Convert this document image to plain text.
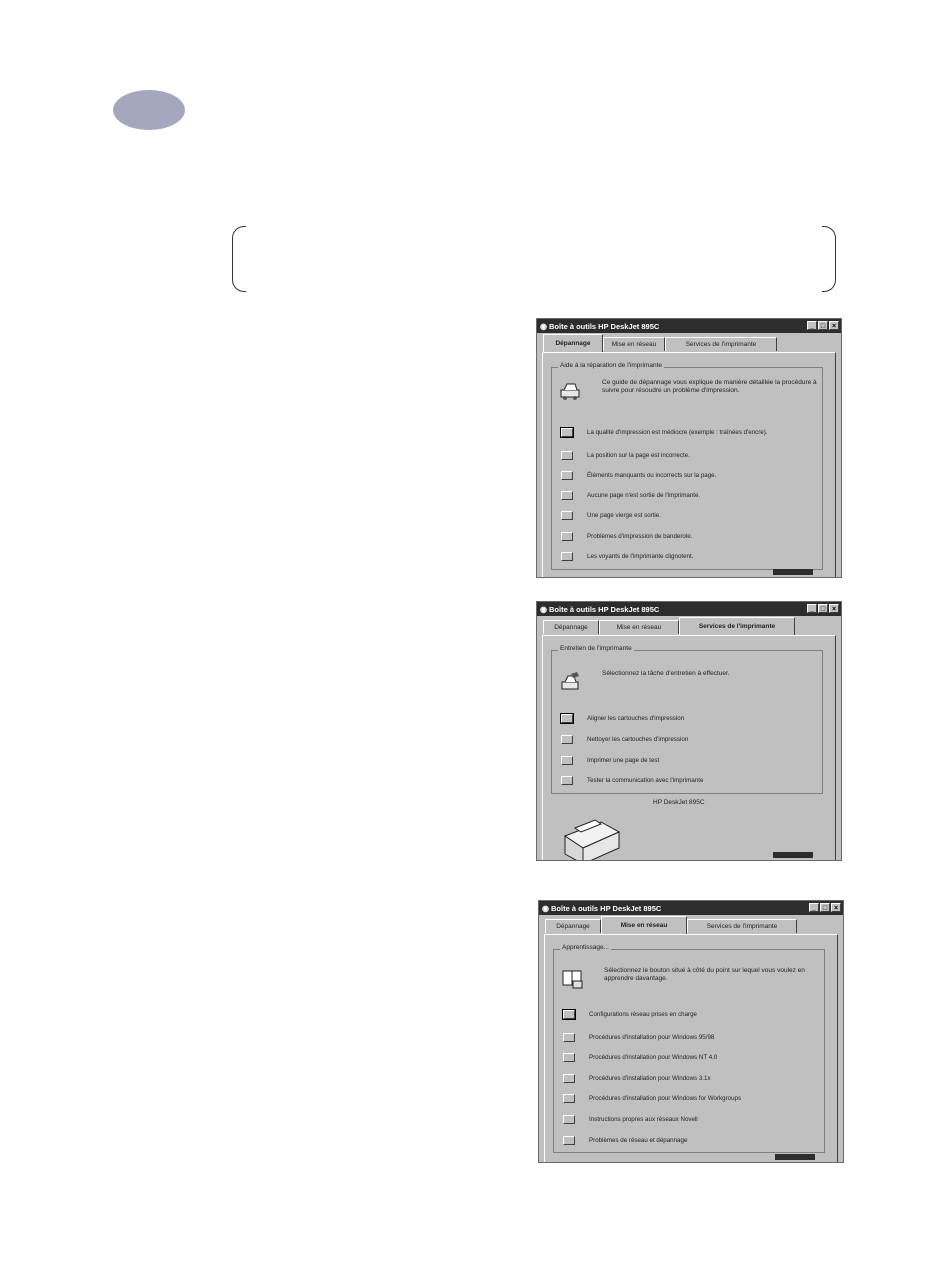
◉ Boîte à outils HP DeskJet 895C	_ □ ×
Dépannage	Mise en réseau	Services de l'imprimante
Aide à la réparation de l'imprimante
Ce guide de dépannage vous explique de manière détaillée la procédure à suivre pour résoudre un problème d'impression.
La qualité d'impression est médiocre (exemple : traînées d'encre).
La position sur la page est incorrecte.
Éléments manquants ou incorrects sur la page.
Aucune page n'est sortie de l'imprimante.
Une page vierge est sortie.
Problèmes d'impression de banderole.
Les voyants de l'imprimante clignotent.
◉ Boîte à outils HP DeskJet 895C	_ □ ×
Dépannage	Mise en réseau	Services de l'imprimante
Entretien de l'imprimante
Sélectionnez la tâche d'entretien à effectuer.
Aligner les cartouches d'impression
Nettoyer les cartouches d'impression
Imprimer une page de test
Tester la communication avec l'imprimante
HP DeskJet 895C
◉ Boîte à outils HP DeskJet 895C	_ □ ×
Dépannage	Mise en réseau	Services de l'imprimante
Apprentissage...
Sélectionnez le bouton situé à côté du point sur lequel vous voulez en apprendre davantage.
Configurations réseau prises en charge
Procédures d'installation pour Windows 95/98
Procédures d'installation pour Windows NT 4.0
Procédures d'installation pour Windows 3.1x
Procédures d'installation pour Windows for Workgroups
Instructions propres aux réseaux Novell
Problèmes de réseau et dépannage
